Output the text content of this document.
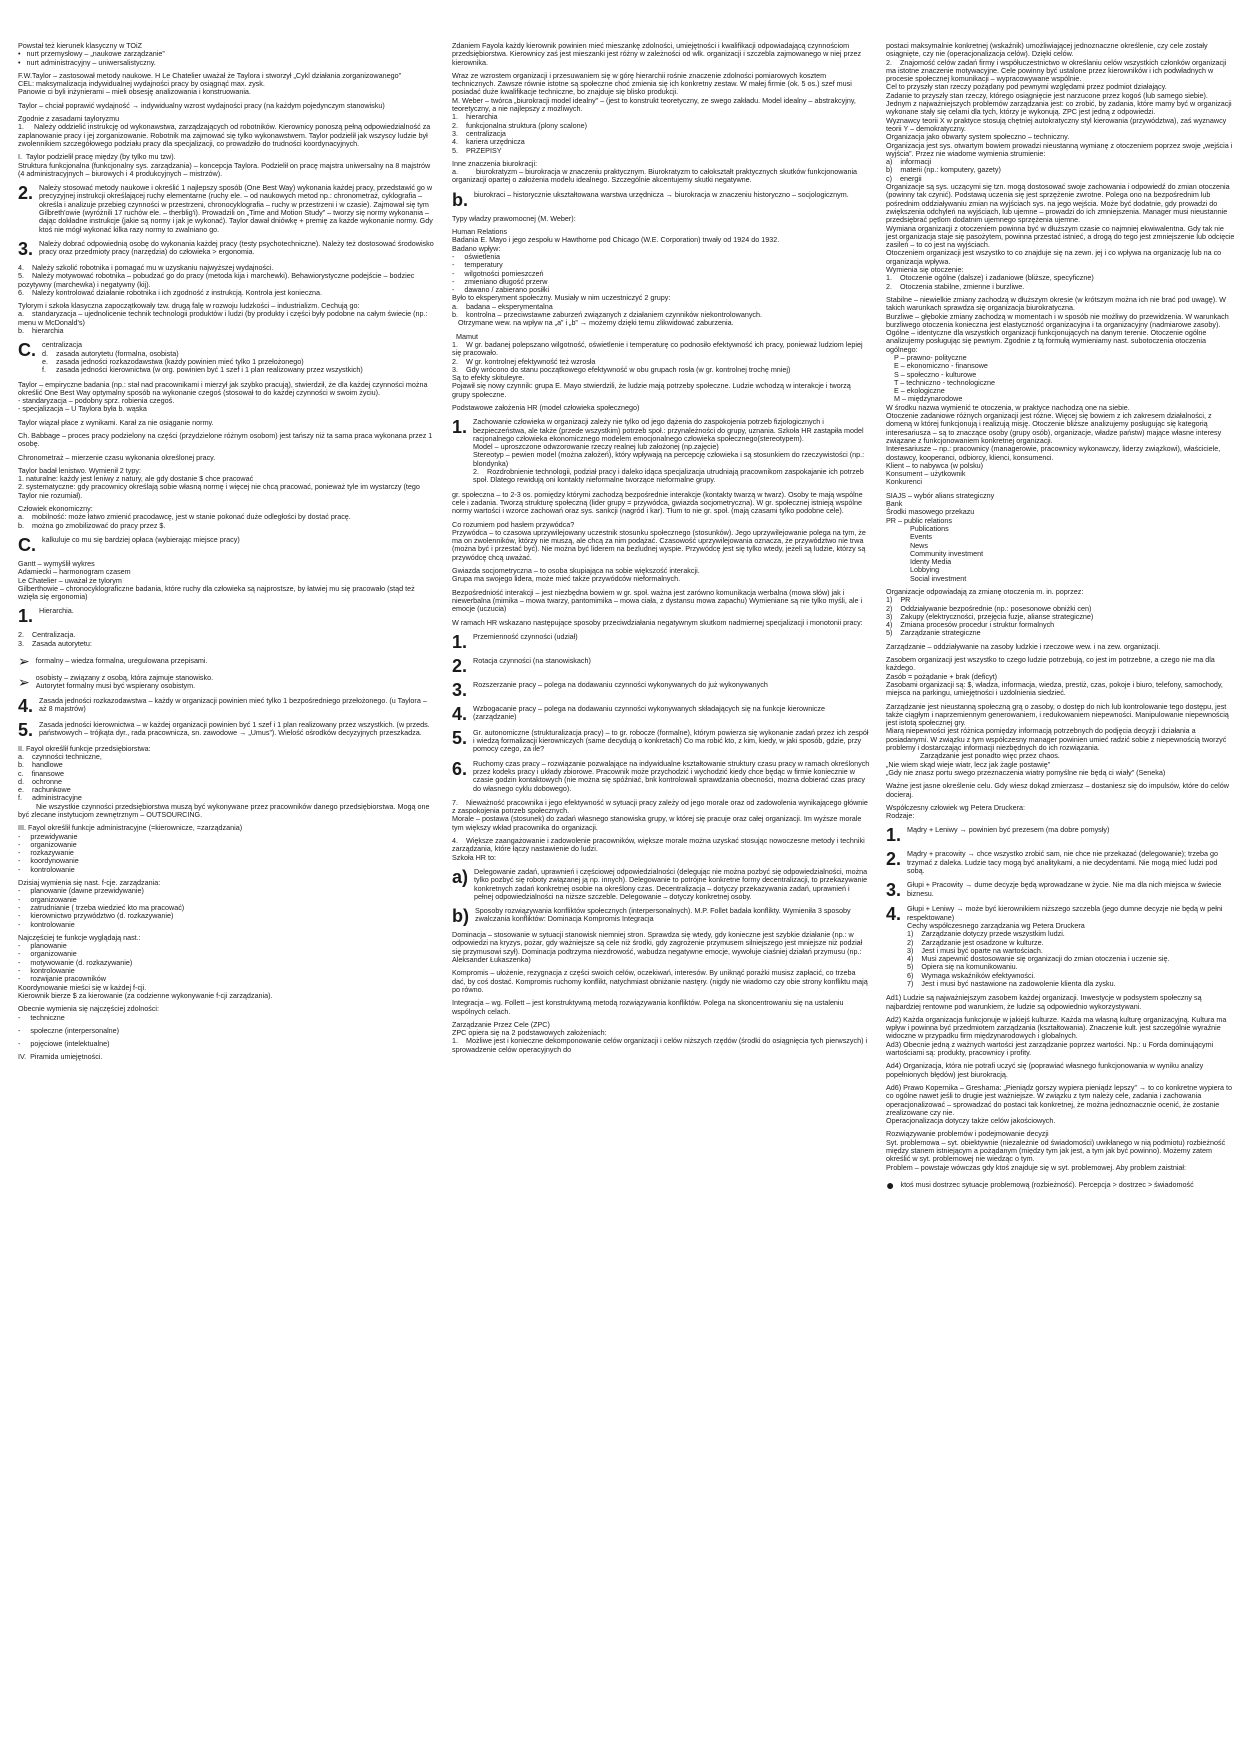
Powstał też kierunek klasyczny w TOiZ
•   nurt przemysłowy – „naukowe zarządzanie”
•   nurt administracyjny – uniwersalistyczny.
F.W.Taylor – zastosował metody naukowe. H Le Chatelier uważał że Taylora i stworzył „Cykl działania zorganizowanego”
CEL: maksymalizacja indywidualnej wydajności pracy by osiągnąć max. zysk.
Panowie ci byli inżynierami – mieli obsesję analizowania i konstruowania.
Taylor – chciał poprawić wydajność → indywidualny wzrost wydajności pracy (na każdym pojedynczym stanowisku)
Zgodnie z zasadami tayloryzmu
1.     Należy oddzielić instrukcję od wykonawstwa, zarządzających od robotników. Kierownicy ponoszą pełną odpowiedzialność za zaplanowanie pracy i jej zorganizowanie. Robotnik ma zajmować się tylko wykonawstwem. Taylor podzielił jak wszyscy ludzie był zwolennikiem szczegółowego podziału pracy dla specjalizacji, co prowadziło do trudności koordynacyjnych.
I.  Taylor podzielił pracę między (by tylko mu tzw).
Struktura funkcjonalna (funkcjonalny sys. zarządzania) – koncepcja Taylora. Podzielił on pracę majstra uniwersalny na 8 majstrów (4 administracyjnych – biurowych i 4 produkcyjnych – mistrzów).
2. Należy stosować metody naukowe i określić 1 najlepszy sposób (One Best Way) wykonania każdej pracy, przedstawić go w precyzyjnej instrukcji określającej ruchy elementarne (ruchy ele. – od naukowych metod np.: chronometraż, cyklografia – określa i analizuje przebieg czynności w przestrzeni, chronocyklografia – ruchy w przestrzeni i w czasie). Zajmował się tym Gilbreth'owie (wyróżnili 17 ruchów ele. – therblig'i). Prowadzili on „Time and Motion Study” – tworzy się normy wykonania – dając dokładne instrukcje (jakie są normy i jak je wykonać). Taylor dawał dniówkę + premię za każde wykonanie normy. Gdy ktoś nie mógł wykonać kilka razy normy to zwalniano go.
3. Należy dobrać odpowiednią osobę do wykonania każdej pracy (testy psychotechniczne). Należy też dostosować środowisko pracy oraz przedmioty pracy (narzędzia) do człowieka > ergonomia.
4.    Należy szkolić robotnika i pomagać mu w uzyskaniu najwyższej wydajności.
5.    Należy motywować robotnika – pobudzać go do pracy (metoda kija i marchewki). Behawiorystyczne podejście – bodziec pozytywny (marchewka) i negatywny (kij).
6.    Należy kontrolować działanie robotnika i ich zgodność z instrukcją. Kontrola jest konieczna.
Tylorym i szkoła klasyczna zapoczątkowały tzw. drugą falę w rozwoju ludzkości – industrializm. Cechują go:
a.    standaryzacja – ujednolicenie technik technologii produktów i ludzi (by produkty i części były podobne na całym świecie (np.: menu w McDonald's)
b.    hierarchia
C. centralizacja
d.    zasada autorytetu (formalna, osobista)
e.    zasada jedności rozkazodawstwa (każdy powinien mieć tylko 1 przełożonego)
f.     zasada jedności kierownictwa (w org. powinien być 1 szef i 1 plan realizowany przez wszystkich)
Taylor – empiryczne badania (np.: stał nad pracownikami i mierzył jak szybko pracują), stwierdził, że dla każdej czynności można określić One Best Way optymalny sposób na wykonanie czegoś (stosował to do każdej czynności w swoim życiu).
- standaryzacja – podobny sprz. robienia czegoś.
- specjalizacja – U Taylora była b. wąska
Taylor wiązał płace z wynikami. Karał za nie osiąganie normy.
Ch. Babbage – proces pracy podzielony na części (przydzielone różnym osobom) jest tańszy niż ta sama praca wykonana przez 1 osobę.
Chronometraż – mierzenie czasu wykonania określonej pracy.
Taylor badał lenistwo. Wymienił 2 typy:
1. naturalne: każdy jest leniwy z natury, ale gdy dostanie $ chce pracować
2. systematyczne: gdy pracownicy określają sobie własną normę i więcej nie chcą pracować, ponieważ tyle im wystarczy (tego Taylor nie rozumiał).
Człowiek ekonomiczny:
a.    mobilność: może łatwo zmienić pracodawcę, jest w stanie pokonać duże odległości by dostać pracę.
b.    można go zmobilizować do pracy przez $.
C. kalkuluje co mu się bardziej opłaca (wybierając miejsce pracy)
Gantt – wymyślił wykres
Adamiecki – harmonogram czasem
Le Chatelier – uważał że tylorym
Gilberthowie – chronocyklograficzne badania, które ruchy dla człowieka są najprostsze, by łatwiej mu się pracowało (stąd też wzięła się ergonomia)
1. Hierarchia.
2.    Centralizacja.
3.    Zasada autorytetu:
➢ formalny – wiedza formalna, uregulowana przepisami.
➢ osobisty – związany z osobą, która zajmuje stanowisko.
Autorytet formalny musi być wspierany osobistym.
4. Zasada jedności rozkazodawstwa – każdy w organizacji powinien mieć tylko 1 bezpośredniego przełożonego. (u Taylora – aż 8 majstrów)
5. Zasada jedności kierownictwa – w każdej organizacji powinien być 1 szef i 1 plan realizowany przez wszystkich. (w przeds. państwowych – trójkąta dyr., rada pracownicza, sn. zawodowe → „Umus”). Wielość ośrodków decyzyjnych przeszkadza.
II. Fayol określił funkcje przedsiębiorstwa:
a.    czynności techniczne,
b.    handlowe
c.    finansowe
d.    ochronne
e.    rachunkowe
f.     administracyjne
Nie wszystkie czynności przedsiębiorstwa muszą być wykonywane przez pracowników danego przedsiębiorstwa. Mogą one być zlecane instytucjom zewnętrznym – OUTSOURCING.
III. Fayol określił funkcje administracyjne (=kierownicze, =zarządzania)
-     przewidywanie
-     organizowanie
-     rozkazywanie
-     koordynowanie
-     kontrolowanie
Dzisiaj wymienia się nast. f-cje. zarządzania:
-     planowanie (dawne przewidywanie)
-     organizowanie
-     zatrudnianie ( trzeba wiedzieć kto ma pracować)
-     kierownictwo przywództwo (d. rozkazywanie)
-     kontrolowanie
Najczęściej te funkcje wyglądają nast.:
-     planowanie
-     organizowanie
-     motywowanie (d. rozkazywanie)
-     kontrolowanie
-     rozwijanie pracowników
Koordynowanie mieści się w każdej f-cji.
Kierownik bierze $ za kierowanie (za codzienne wykonywanie f-cji zarządzania).
Obecnie wymienia się najczęściej zdolności:
-     techniczne
-     społeczne (interpersonalne)
-     pojęciowe (intelektualne)
IV.  Piramida umiejętności.
Zdaniem Fayola każdy kierownik powinien mieć mieszankę zdolności, umiejętności i kwalifikacji odpowiadającą czynnościom przedsiębiorstwa. Kierownicy zaś jest mieszanki jest różny w zależności od wlk. organizacji i szczebla zajmowanego w niej przez kierownika.
Wraz ze wzrostem organizacji i przesuwaniem się w górę hierarchii rośnie znaczenie zdolności pomiarowych kosztem technicznych. Zawsze równie istotne są społeczne choć zmienia się ich konkretny zestaw. W małej firmie (ok. 5 os.) szef musi posiadać duże kwalifikacje techniczne, bo znajduje się blisko produkcji.
M. Weber – twórca „biurokracji model idealny” – (jest to konstrukt teoretyczny, ze swego zakładu. Model idealny – abstrakcyjny, teoretyczny, a nie najlepszy z możliwych.
1.    hierarchia
2.    funkcjonalna struktura (plony scalone)
3.    centralizacja
4.    kariera urzędnicza
5.    PRZEPISY
Inne znaczenia biurokracji:
a.         biurokratyzm – biurokracja w znaczeniu praktycznym. Biurokratyzm to całokształt praktycznych skutków funkcjonowania organizacji opartej o założenia modelu idealnego. Szczególnie akcentujemy skutki negatywne.
b. biurokraci – historycznie ukształtowana warstwa urzędnicza → biurokracja w znaczeniu historyczno – socjologicznym.
Typy władzy prawomocnej (M. Weber):
Human Relations
Badania E. Mayo i jego zespołu w Hawthorne pod Chicago (W.E. Corporation) trwały od 1924 do 1932.
Badano wpływ:
-     oświetlenia
-     temperatury
-     wilgotności pomieszczeń
-     zmieniano długość przerw
-     dawano / zabierano posiłki
Było to eksperyment społeczny. Musiały w nim uczestniczyć 2 grupy:
a.    badana – eksperymentalna
b.    kontrolna – przeciwstawne zaburzeń związanych z działaniem czynników niekontrolowanych.
Otrzymane wew. na wpływ na „a” i „b” → możemy dzięki temu zlikwidować zaburzenia.
Mamut
1.    W gr. badanej polepszano wilgotność, oświetlenie i temperaturę co podnosiło efektywność ich pracy, ponieważ ludziom lepiej się pracowało.
2.    W gr. kontrolnej efektywność też wzrosła
3.    Gdy wrócono do stanu początkowego efektywność w obu grupach rosła (w gr. kontrolnej trochę mniej)
Są to efekty skituleyre.
Pojawił się nowy czynnik: grupa E. Mayo stwierdzili, że ludzie mają potrzeby społeczne. Ludzie wchodzą w interakcje i tworzą grupy społeczne.
Podstawowe założenia HR (model człowieka społecznego)
1. Zachowanie człowieka w organizacji zależy nie tylko od jego dążenia do zaspokojenia potrzeb fizjologicznych i bezpieczeństwa, ale także (przede wszystkim) potrzeb społ.: przynależności do grupy, uznania. Szkoła HR zastąpiła model racjonalnego człowieka ekonomicznego modelem emocjonalnego człowieka społecznego(stereotypem).
Model – uproszczone odwzorowanie rzeczy realnej lub założonej (np.zajęcie)
Stereotyp – pewien model (można założeń), który wpływają na percepcję człowieka i są stosunkiem do rzeczywistości (np.: blondynka)
2.    Rozdrobnienie technologii, podział pracy i daleko idąca specjalizacja utrudniają pracownikom zaspokajanie ich potrzeb społ. Dlatego rewidują oni kontakty nieformalne tworzące nieformalne grupy.
gr. społeczna – to 2-3 os. pomiędzy którymi zachodzą bezpośrednie interakcje (kontakty twarzą w twarz). Osoby te mają wspólne cele i zadania. Tworzą strukturę społeczną (lider grupy = przywódca, gwiazda socjometryczna). W gr. społecznej istnieją wspólne normy wartości i wzorce zachowań oraz sys. sankcji (nagród i kar). Tłum to nie gr. społ. (mają czasami tylko podobne cele).
Co rozumiem pod hasłem przywódca?
Przywódca – to czasowa uprzywilejowany uczestnik stosunku społecznego (stosunków). Jego uprzywilejowanie polega na tym, że ma on zwolenników, którzy nie muszą, ale chcą za nim podążać. Czasowość uprzywilejowania oznacza, że przywództwo nie trwa (można być i przestać być). Nie można być liderem na bezludnej wyspie. Przywódcę jest się tylko wtedy, jeżeli są ludzie, którzy są przywódcę chcą uważać.
Gwiazda socjometryczna – to osoba skupiająca na sobie większość interakcji.
Grupa ma swojego lidera, może mieć także przywódców nieformalnych.
Bezpośredniość interakcji – jest niezbędna bowiem w gr. społ. ważna jest zarówno komunikacja werbalna (mowa słów) jak i niewerbalna (mimika – mowa twarzy, pantomimika – mowa ciała, z dystansu mowa zapachu) Wymieniane są nie tylko myśli, ale i emocje (uczucia)
W ramach HR wskazano następujące sposoby przeciwdziałania negatywnym skutkom nadmiernej specjalizacji i monotonii pracy:
1. Przemienność czynności (udział)
2. Rotacja czynności (na stanowiskach)
3. Rozszerzanie pracy – polega na dodawaniu czynności wykonywanych do już wykonywanych
4. Wzbogacanie pracy – polega na dodawaniu czynności wykonywanych składających się na funkcje kierownicze (zarządzanie)
5. Gr. autonomiczne (strukturalizacja pracy) – to gr. robocze (formalne), którym powierza się wykonanie zadań przez ich zespół i wiedzą formalizacji kierowniczych (same decydują o konkretach) Co ma robić kto, z kim, kiedy, w jaki sposób, gdzie, przy pomocy czego, za ile?
6. Ruchomy czas pracy – rozwiązanie pozwalające na indywidualne kształtowanie struktury czasu pracy w ramach określonych przez kodeks pracy i układy zbiorowe. Pracownik może przychodzić i wychodzić kiedy chce będąc w firmie koniecznie w czasie godzin kontaktowych (nie można się spóźniać, bnk kontrolowali sprawdzania obecności, można dobierać czas pracy do własnego cyklu dobowego).
7.    Nieważność pracownika i jego efektywność w sytuacji pracy zależy od jego morale oraz od zadowolenia wynikającego głównie z zaspokojenia potrzeb społecznych.
Morale – postawa (stosunek) do zadań własnego stanowiska grupy, w której się pracuje oraz całej organizacji. Im wyższe morale tym większy wkład pracownika do organizacji.
4.    Większe zaangażowanie i zadowolenie pracowników, większe morale można uzyskać stosując nowoczesne metody i techniki zarządzania, które łączy nastawienie do ludzi.
Szkoła HR to:
a) Delegowanie zadań, uprawnień i częściowej odpowiedzialności (delegując nie można pozbyć się odpowiedzialności, można tylko pozbyć się roboty związanej ją np. innych). Delegowanie to potrójne konkretne formy decentralizacji, to przekazywanie konkretnych zadań konkretnej osobie na określony czas. Decentralizacja – dotyczy przekazywania zadań, uprawnień i pełnej odpowiedzialności na niższe szczeble. Delegowanie – dotyczy konkretnej osoby.
b) Sposoby rozwiązywania konfliktów społecznych (interpersonalnych). M.P. Follet badała konflikty. Wymieniła 3 sposoby zwalczania konfliktów: Dominacja Kompromis Integracja
Dominacja – stosowanie w sytuacji stanowisk niemniej stron. Sprawdza się wtedy, gdy konieczne jest szybkie działanie (np.: w odpowiedzi na kryzys, pożar, gdy ważniejsze są cele niż środki, gdy zagrożenie przymusem silniejszego jest mniejsze niż podział się przymusowi szył). Dominacja podtrzyma niezdrowość, wabudza negatywne emocje, wywołuje ciaśniej działań przymusu (np.: Aleksander Łukaszenka)
Kompromis – ułożenie, rezygnacja z części swoich celów, oczekiwań, interesów. By uniknąć porażki musisz zapłacić, co trzeba dać, by coś dostać. Kompromis ruchomy konflikt, natychmiast obniżanie nastęry. (nigdy nie wiadomo czy obie strony konfliktu mają po równo.
Integracja – wg. Follett – jest konstruktywną metodą rozwiązywania konfliktów. Polega na skoncentrowaniu się na ustaleniu wspólnych celach.
Zarządzanie Przez Cele (ZPC)
ZPC opiera się na 2 podstawowych założeniach:
1.    Możliwe jest i konieczne dekomponowanie celów organizacji i celów niższych rzędów (środki do osiągnięcia tych pierwszych) i sprowadzenie celów operacyjnych do
postaci maksymalnie konkretnej (wskaźnik) umożliwiającej jednoznaczne określenie, czy cele zostały osiągnięte, czy nie (operacjonalizacja celów). Dzięki celów.
2.    Znajomość celów zadań firmy i współuczestnictwo w określaniu celów wszystkich członków organizacji ma istotne znaczenie motywacyjne. Cele powinny być ustalone przez kierowników i ich podwładnych w procesie społecznej komunikacji – wypracowywane wspólnie.
Cel to przyszły stan rzeczy pożądany pod pewnymi względami przez podmiot działający.
Zadanie to przyszły stan rzeczy, którego osiągnięcie jest narzucone przez kogoś (lub samego siebie).
Jednym z najważniejszych problemów zarządzania jest: co zrobić, by zadania, które mamy być w organizacji wykonane stały się celami dla tych, którzy je wykonują. ZPC jest jedną z odpowiedzi.
Wyznawcy teorii X w praktyce stosują chętniej autokratyczny styl kierowania (przywództwa), zaś wyznawcy teorii Y – demokratyczny.
Organizacja jako obwarty system społeczno – techniczny.
Organizacja jest sys. otwartym bowiem prowadzi nieustanną wymianę z otoczeniem poprzez swoje „wejścia i wyjścia”. Przez nie wiadome wymienia strumienie:
a)    informacji
b)    materii (np.: komputery, gazety)
c)    energii
Organizacje są sys. uczącymi się tzn. mogą dostosować swoje zachowania i odpowiedź do zmian otoczenia (powinny tak czynić). Podstawą uczenia się jest sprzężenie zwrotne. Polega ono na bezpośrednim lub pośrednim oddziaływaniu zmian na wyjściach sys. na jego wejścia. Może być dodatnie, gdy prowadzi do zwiększenia odchyleń na wyjściach, lub ujemne – prowadzi do ich zmniejszenia. Manager musi nieustannie przedsiębrać pętlom dodatnim ujemnego sprzężenia ujemne.
Wymiana organizacji z otoczeniem powinna być w dłuższym czasie co najmniej ekwiwalentna. Gdy tak nie jest organizacja staje się pasożytem, powinna przestać istnieć, a drogą do tego jest zmniejszenie lub odcięcie zasileń – to co jest na wyjściach.
Otoczeniem organizacji jest wszystko to co znajduje się na zewn. jej i co wpływa na organizację lub na co organizacja wpływa.
Wymienia się otoczenie:
1.    Otoczenie ogólne (dalsze) i zadaniowe (bliższe, specyficzne)
2.    Otoczenia stabilne, zmienne i burzliwe.
Stabilne – niewielkie zmiany zachodzą w dłuższym okresie (w krótszym można ich nie brać pod uwagę). W takich warunkach sprawdza się organizacja biurokratyczna.
Burzliwe – głębokie zmiany zachodzą w momentach i w sposób nie możliwy do przewidzenia. W warunkach burzliwego otoczenia konieczna jest elastyczność organizacyjna i ta organizacyjny (nadmiarowe zasoby).
Ogólne – identyczne dla wszystkich organizacji funkcjonujących na danym terenie. Otoczenie ogólne analizujemy posługując się pewnym. Zgodnie z tą formułą wymieniamy nast. subotoczenia otoczenia ogólnego:
P – prawno- polityczne
E – ekonomiczno - finansowe
S – społeczno - kulturowe
T – techniczno - technologiczne
E – ekologiczne
M – międzynarodowe
W środku nazwa wymienić te otoczenia, w praktyce nachodzą one na siebie.
Otoczenie zadaniowe różnych organizacji jest różne. Więcej się bowiem z ich zakresem działalności, z domeną w której funkcjonują i realizują misję. Otoczenie bliższe analizujemy posługując się kategorią interesariusza – są to znaczące osoby (grupy osób), organizacje, władze państw) mające własne interesy związane z funkcjonowaniem konkretnej organizacji.
Interesariusze – np.: pracownicy (managerowie, pracownicy wykonawczy, liderzy związkowi), właściciele, dostawcy, kooperanci, odbiorcy, klienci, konsumenci.
Klient – to nabywca (w polsku)
Konsument – użytkownik
Konkurenci
SIAJS – wybór alians strategiczny
Bank
Środki masowego przekazu
PR – public relations
Publications
Events
News
Community investment
Identy Media
Lobbying
Social investment
Organizacje odpowiadają za zmianę otoczenia m. in. poprzez:
1)    PR
2)    Oddziaływanie bezpośrednie (np.: posesonowe obniżki cen)
3)    Zakupy (elektryczności, przejęcia fuzje, alianse strategiczne)
4)    Zmiana procesów procedur i struktur formalnych
5)    Zarządzanie strategiczne
Zarządzanie – oddziaływanie na zasoby ludzkie i rzeczowe wew. i na zew. organizacji.
Zasobem organizacji jest wszystko to czego ludzie potrzebują, co jest im potrzebne, a czego nie ma dla każdego.
Zasób = pożądanie + brak (deficyt)
Zasobami organizacji są: $, władza, informacja, wiedza, prestiż, czas, pokoje i biuro, telefony, samochody, miejsca na parkingu, umiejętności i uzdolnienia siedzieć.
Zarządzanie jest nieustanną społeczną grą o zasoby, o dostęp do nich lub kontrolowanie tego dostępu, jest także ciągłym i naprzemiennym generowaniem, i redukowaniem niepewności. Manipulowanie niepewnością jest istotą społecznej gry.
Miarą niepewności jest różnica pomiędzy informacją potrzebnych do podjęcia decyzji i działania a posiadanymi. W związku z tym współczesny manager powinien umieć radzić sobie z niepewnością tworzyć problemy i dostarczając informacji niezbędnych do ich rozwiązania.
Zarządzanie jest ponadto więc przez chaos.
„Nie wiem skąd wieje wiatr, lecz jak żagle postawię”
„Gdy nie znasz portu swego przeznaczenia wiatry pomyślne nie będą ci wiały” (Seneka)
Ważne jest jasne określenie celu. Gdy wiesz dokąd zmierzasz – dostaniesz się do impulsów, które do celów docieraj.
Współczesny człowiek wg Petera Druckera:
Rodzaje:
1. Mądry + Leniwy → powinien być prezesem (ma dobre pomysły)
2. Mądry + pracowity → chce wszystko zrobić sam, nie chce nie przekazać (delegowanie); trzeba go trzymać z daleka. Ludzie tacy mogą być analitykami, a nie decydentami. Nie mogą mieć ludzi pod sobą.
3. Głupi + Pracowity → dume decyzje będą wprowadzane w życie. Nie ma dla nich miejsca w świecie biznesu.
4. Głupi + Leniwy → może być kierownikiem niższego szczebla (jego dumne decyzje nie będą w pełni respektowane)
Cechy współczesnego zarządzania wg Petera Druckera
1)    Zarządzanie dotyczy przede wszystkim ludzi.
2)    Zarządzanie jest osadzone w kulturze.
3)    Jest i musi być oparte na wartościach.
4)    Musi zapewnić dostosowanie się organizacji do zmian otoczenia i uczenie się.
5)    Opiera się na komunikowaniu.
6)    Wymaga wskaźników efektywności.
7)    Jest i musi być nastawione na zadowolenie klienta dla zysku.
Ad1) Ludzie są najważniejszym zasobem każdej organizacji. Inwestycje w podsystem społeczny są najbardziej rentowne pod warunkiem, że ludzie są odpowiednio wykorzystywani.
Ad2) Każda organizacja funkcjonuje w jakiejś kulturze. Każda ma własną kulturę organizacyjną. Kultura ma wpływ i powinna być przedmiotem zarządzania (kształtowania). Znaczenie kult. jest szczególnie wyraźnie widoczne w przypadku firm międzynarodowych i globalnych.
Ad3) Obecnie jedną z ważnych wartości jest zarządzanie poprzez wartości. Np.: u Forda dominującymi wartościami są: produkty, pracownicy i profity.
Ad4) Organizacja, która nie potrafi uczyć się (poprawiać własnego funkcjonowania w wyniku analizy popełnionych błędów) jest biurokracją.
Ad6) Prawo Kopernika – Greshama: „Pieniądz gorszy wypiera pieniądz lepszy” → to co konkretne wypiera to co ogólne nawet jeśli to drugie jest ważniejsze. W związku z tym należy cele, zadania i zachowania operacjonalizować – sprowadzać do postaci tak konkretnej, że można jednoznacznie ocenić, że zostanie zrealizowane czy nie.
Operacjonalizacja dotyczy także celów jakościowych.
Rozwiązywanie problemów i podejmowanie decyzji
Syt. problemowa – syt. obiektywnie (niezależnie od świadomości) uwikłanego w nią podmiotu) rozbieżność między stanem istniejącym a pożądanym (między tym jak jest, a tym jak być powinno). Możemy zatem określić w syt. problemowej nie wiedząc o tym.
Problem – powstaje wówczas gdy ktoś znajduje się w syt. problemowej. Aby problem zaistniał:
● ktoś musi dostrzec sytuacje problemową (rozbieżność). Percepcja > dostrzec > świadomość
